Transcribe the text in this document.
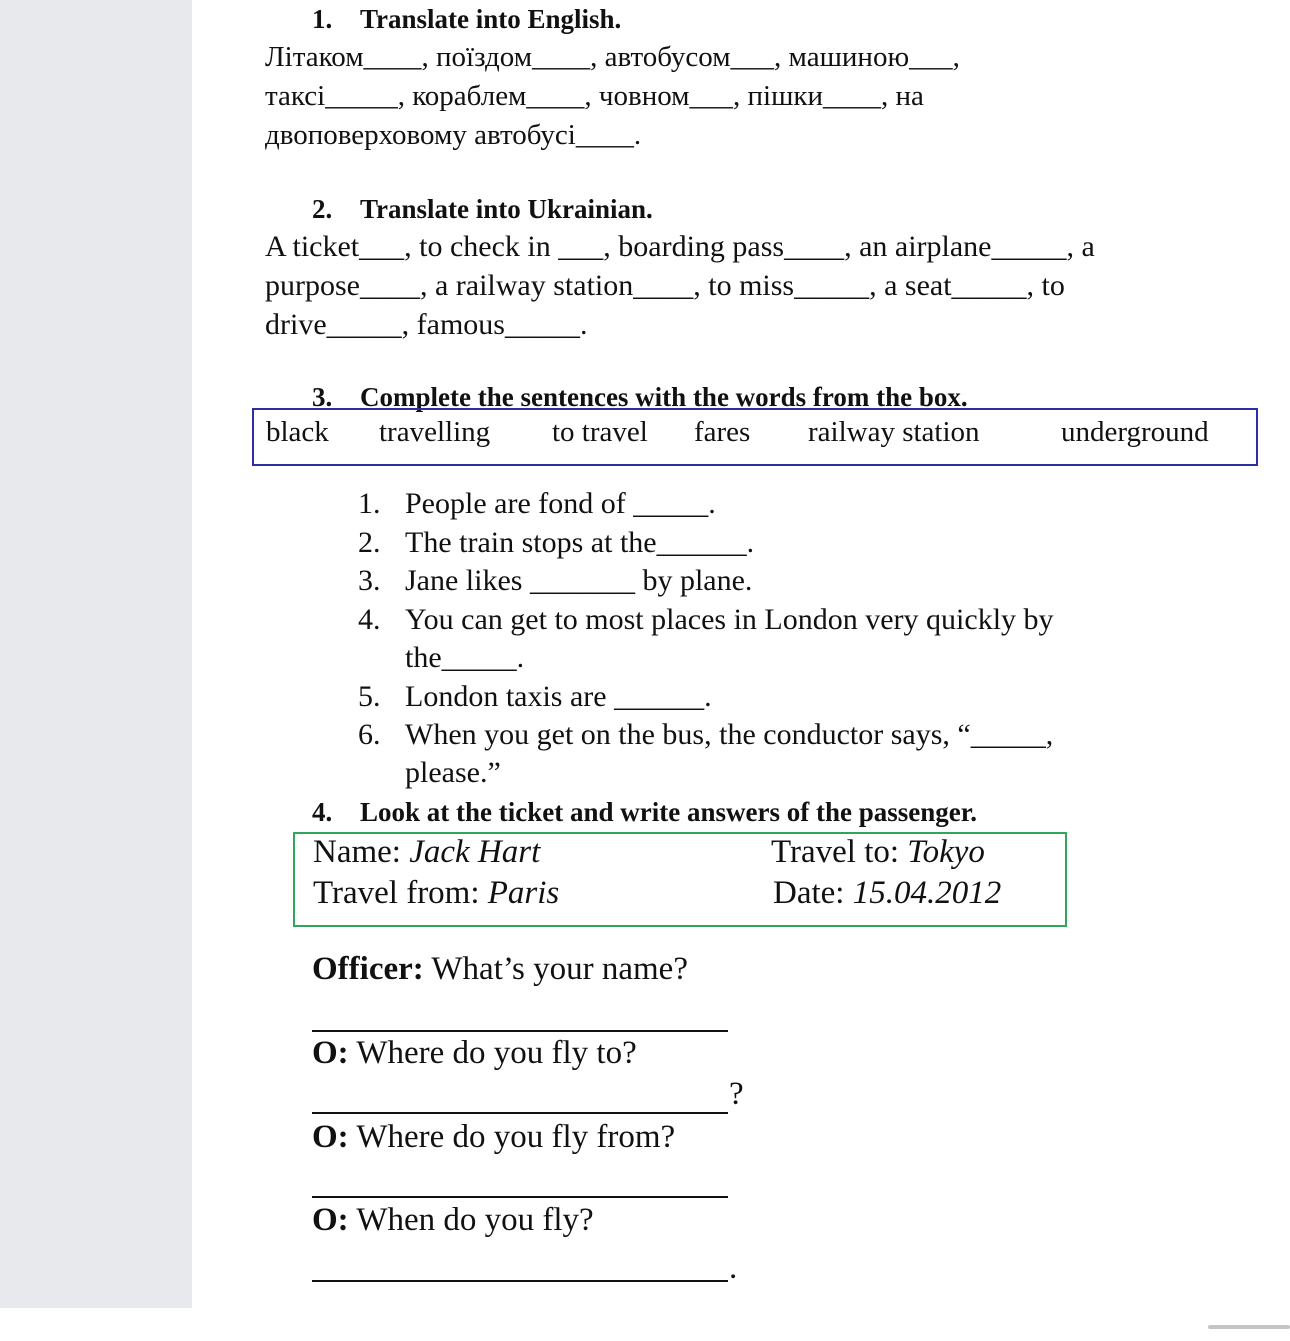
1. Translate into English.
Літаком____, поїздом____, автобусом___, машиною___,
таксі_____, кораблем____, човном___, пішки____, на
двоповерховому автобусі____.
2. Translate into Ukrainian.
A ticket___, to check in ___, boarding pass____, an airplane_____, a
purpose____, a railway station____, to miss_____, a seat_____, to
drive_____, famous_____.
3. Complete the sentences with the words from the box.
black travelling to travel fares railway station	underground
1. People are fond of _____.
2. The train stops at the______.
3. Jane likes _______ by plane.
4. You can get to most places in London very quickly by
the_____.
5. London taxis are ______.
6. When you get on the bus, the conductor says, “_____,
please.”
4. Look at the ticket and write answers of the passenger.
Name: Jack Hart	Travel to: Tokyo
Travel from: Paris	Date: 15.04.2012
Officer: What’s your name?
O: Where do you fly to?
?
O: Where do you fly from?
O: When do you fly?
.
